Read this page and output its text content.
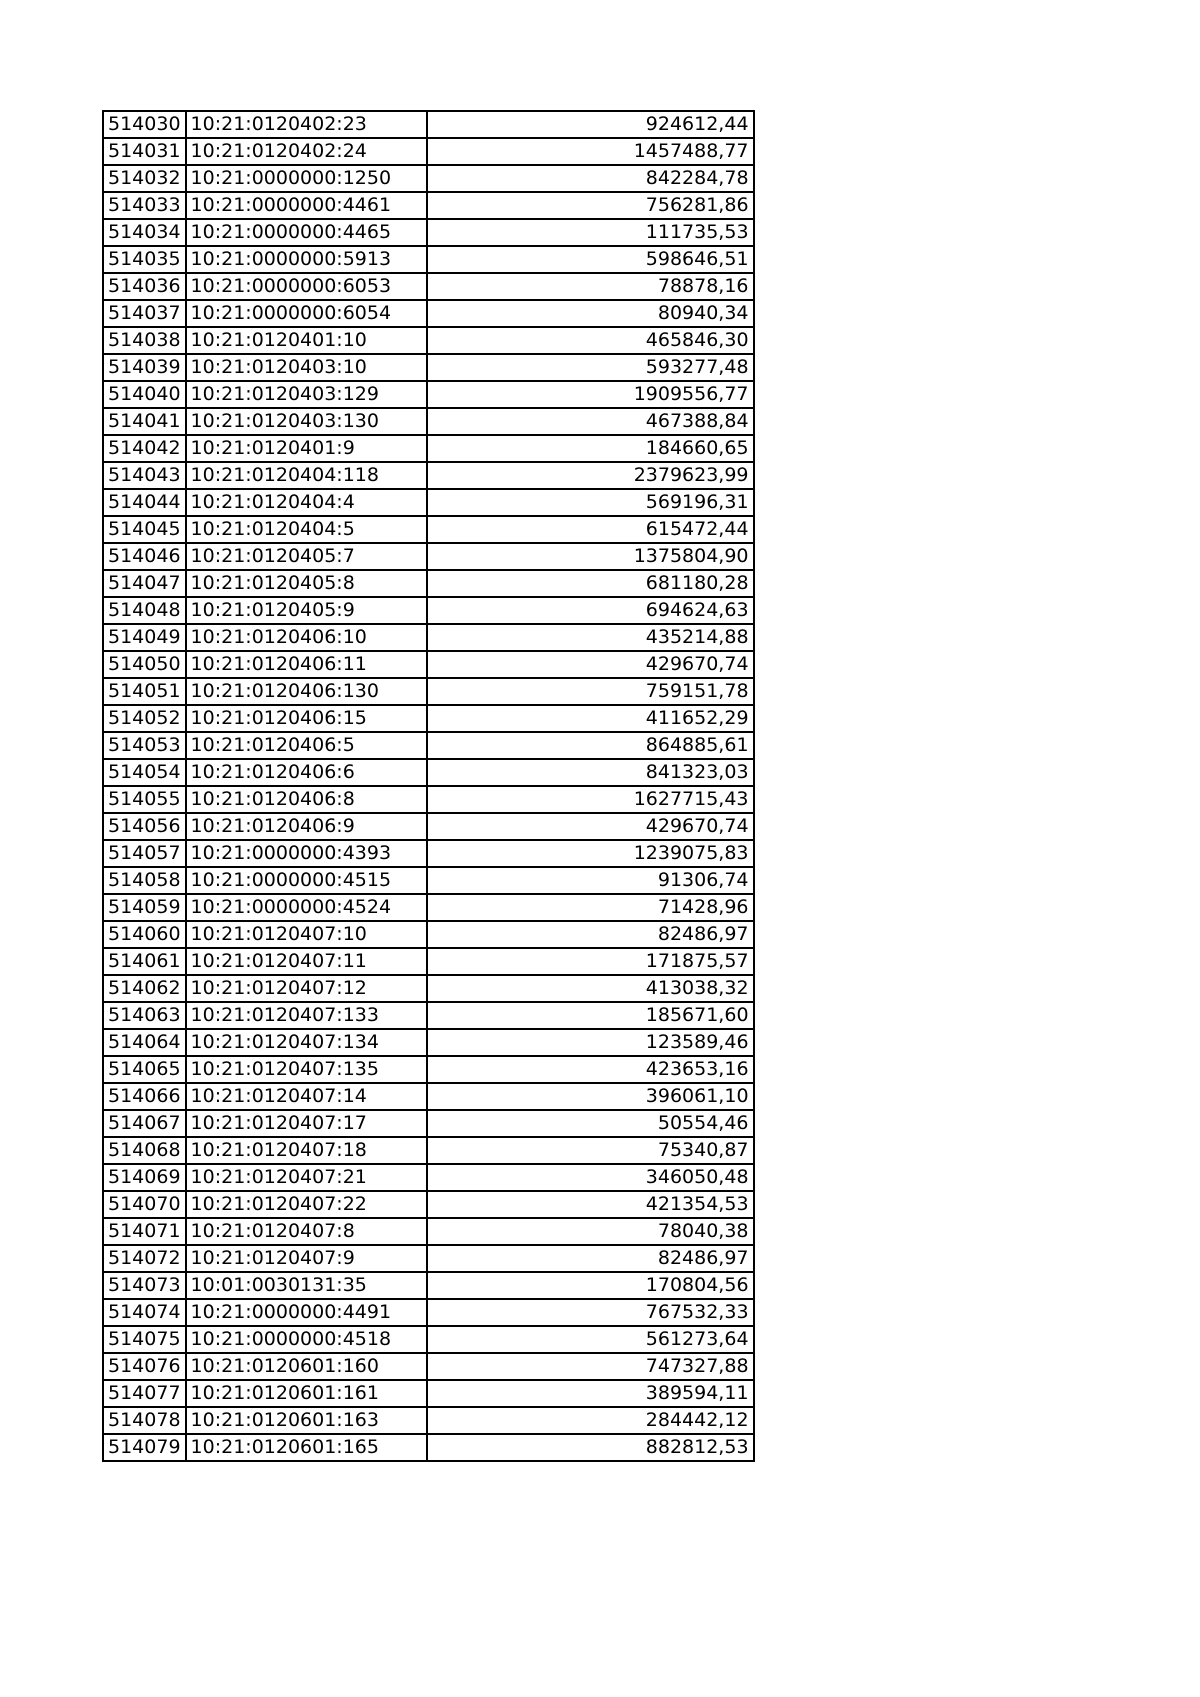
514030	10:21:0120402:23	924612,44
514031	10:21:0120402:24	1457488,77
514032	10:21:0000000:1250	842284,78
514033	10:21:0000000:4461	756281,86
514034	10:21:0000000:4465	111735,53
514035	10:21:0000000:5913	598646,51
514036	10:21:0000000:6053	78878,16
514037	10:21:0000000:6054	80940,34
514038	10:21:0120401:10	465846,30
514039	10:21:0120403:10	593277,48
514040	10:21:0120403:129	1909556,77
514041	10:21:0120403:130	467388,84
514042	10:21:0120401:9	184660,65
514043	10:21:0120404:118	2379623,99
514044	10:21:0120404:4	569196,31
514045	10:21:0120404:5	615472,44
514046	10:21:0120405:7	1375804,90
514047	10:21:0120405:8	681180,28
514048	10:21:0120405:9	694624,63
514049	10:21:0120406:10	435214,88
514050	10:21:0120406:11	429670,74
514051	10:21:0120406:130	759151,78
514052	10:21:0120406:15	411652,29
514053	10:21:0120406:5	864885,61
514054	10:21:0120406:6	841323,03
514055	10:21:0120406:8	1627715,43
514056	10:21:0120406:9	429670,74
514057	10:21:0000000:4393	1239075,83
514058	10:21:0000000:4515	91306,74
514059	10:21:0000000:4524	71428,96
514060	10:21:0120407:10	82486,97
514061	10:21:0120407:11	171875,57
514062	10:21:0120407:12	413038,32
514063	10:21:0120407:133	185671,60
514064	10:21:0120407:134	123589,46
514065	10:21:0120407:135	423653,16
514066	10:21:0120407:14	396061,10
514067	10:21:0120407:17	50554,46
514068	10:21:0120407:18	75340,87
514069	10:21:0120407:21	346050,48
514070	10:21:0120407:22	421354,53
514071	10:21:0120407:8	78040,38
514072	10:21:0120407:9	82486,97
514073	10:01:0030131:35	170804,56
514074	10:21:0000000:4491	767532,33
514075	10:21:0000000:4518	561273,64
514076	10:21:0120601:160	747327,88
514077	10:21:0120601:161	389594,11
514078	10:21:0120601:163	284442,12
514079	10:21:0120601:165	882812,53
